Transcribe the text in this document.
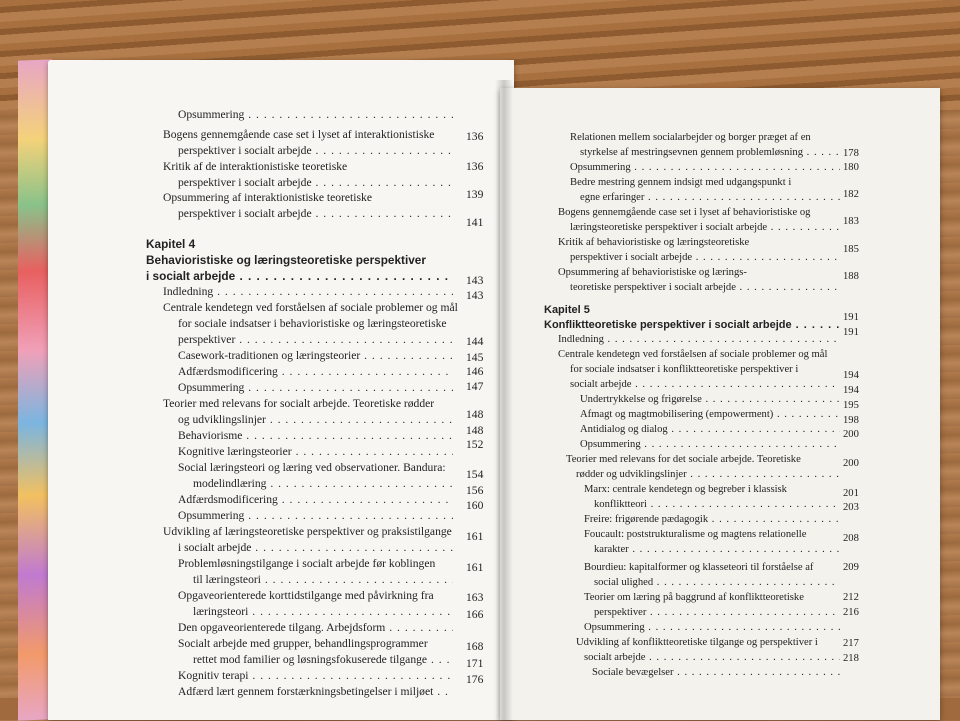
Opsummering . . .
Bogens gennemgående case set i lyset af interaktionistiske
perspektiver i socialt arbejde . . .
Kritik af de interaktionistiske teoretiske
perspektiver i socialt arbejde . . .
Opsummering af interaktionistiske teoretiske
perspektiver i socialt arbejde . . .
Kapitel 4
Behavioristiske og læringsteoretiske perspektiver
i socialt arbejde . . .
Indledning . . .
Centrale kendetegn ved forståelsen af sociale problemer og mål
for sociale indsatser i behavioristiske og læringsteoretiske
perspektiver . . .
Casework-traditionen og læringsteorier . . .
Adfærdsmodificering . . .
Opsummering . . .
Teorier med relevans for socialt arbejde. Teoretiske rødder
og udviklingslinjer . . .
Behaviorisme . . .
Kognitive læringsteorier . . .
Social læringsteori og læring ved observationer. Bandura:
modelindlæring . . .
Adfærdsmodificering . . .
Opsummering . . .
Udvikling af læringsteoretiske perspektiver og praksistilgange
i socialt arbejde . . .
Problemløsningstilgange i socialt arbejde før koblingen
til læringsteori . . .
Opgaveorienterede korttidstilgange med påvirkning fra
læringsteori . . .
Den opgaveorienterede tilgang. Arbejdsform . . .
Socialt arbejde med grupper, behandlingsprogrammer
rettet mod familier og løsningsfokuserede tilgange . . .
Kognitiv terapi . . .
Adfærd lært gennem forstærkningsbetingelser i miljøet . . .
136
136
139
141
143
143
144
145
146
147
148
148
152
154
156
160
161
161
163
166
168
171
176
Relationen mellem socialarbejder og borger præget af en
styrkelse af mestringsevnen gennem problemløsning . . .
Opsummering . . .
Bedre mestring gennem indsigt med udgangspunkt i
egne erfaringer . . .
Bogens gennemgående case set i lyset af behavioristiske og
læringsteoretiske perspektiver i socialt arbejde . . .
Kritik af behavioristiske og læringsteoretiske
perspektiver i socialt arbejde . . .
Opsummering af behavioristiske og lærings-
teoretiske perspektiver i socialt arbejde . . .
Kapitel 5
Konfliktteoretiske perspektiver i socialt arbejde . . .
Indledning . . .
Centrale kendetegn ved forståelsen af sociale problemer og mål
for sociale indsatser i konfliktteoretiske perspektiver i
socialt arbejde . . .
Undertrykkelse og frigørelse . . .
Afmagt og magtmobilisering (empowerment) . . .
Antidialog og dialog . . .
Opsummering . . .
Teorier med relevans for det sociale arbejde. Teoretiske
rødder og udviklingslinjer . . .
Marx: centrale kendetegn og begreber i klassisk
konfliktteori . . .
Freire: frigørende pædagogik . . .
Foucault: poststrukturalisme og magtens relationelle
karakter . . .
Bourdieu: kapitalformer og klasseteori til forståelse af
social ulighed . . .
Teorier om læring på baggrund af konfliktteoretiske
perspektiver . . .
Opsummering . . .
Udvikling af konfliktteoretiske tilgange og perspektiver i
socialt arbejde . . .
Sociale bevægelser . . .
178
180
182
183
185
188
191
191
194
194
195
198
200
200
201
203
208
209
212
216
217
218
